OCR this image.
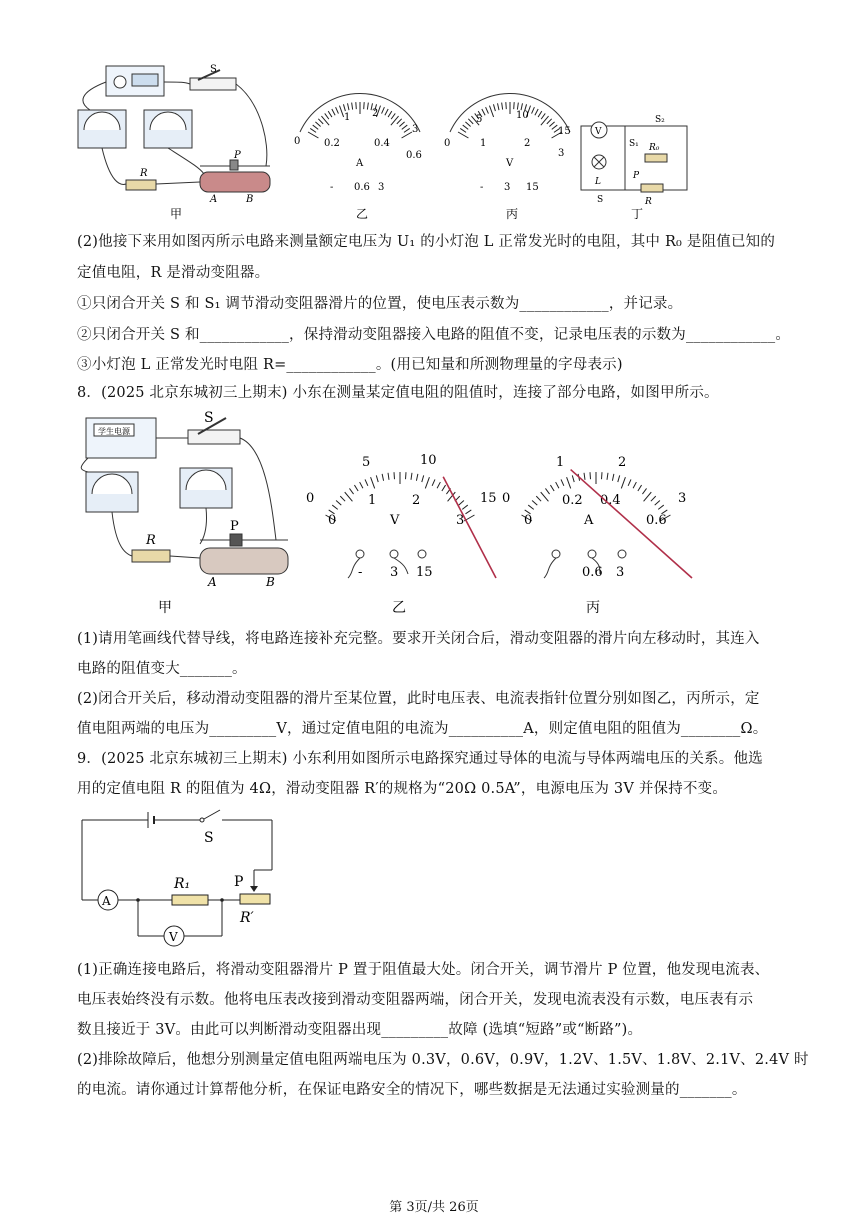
S
R
P
A	B
1 2
3
0 0.2	0.4
0.6
A
- 0.6 3
乙
5	10
15
0	1	2
3
V
- 3 15
丙
V
L
R₀
S₁
S₂
R
P
S
丁
甲
(2)他接下来用如图丙所示电路来测量额定电压为 U₁ 的小灯泡 L 正常发光时的电阻，其中 R₀ 是阻值已知的
定值电阻，R 是滑动变阻器。
①只闭合开关 S 和 S₁ 调节滑动变阻器滑片的位置，使电压表示数为____________，并记录。
②只闭合开关 S 和____________，保持滑动变阻器接入电路的阻值不变，记录电压表的示数为____________。
③小灯泡 L 正常发光时电阻 R=____________。(用已知量和所测物理量的字母表示)
8．(2025 北京东城初三上期末) 小东在测量某定值电阻的阻值时，连接了部分电路，如图甲所示。
学生电源
S
R
P
A	B
甲
0
5	10
15
0
1	2
3
V
- 3 15
乙
0
1	2
3
0
0.2 0.4
0.6
A
0.6 3
丙
(1)请用笔画线代替导线，将电路连接补充完整。要求开关闭合后，滑动变阻器的滑片向左移动时，其连入
电路的阻值变大_______。
(2)闭合开关后，移动滑动变阻器的滑片至某位置，此时电压表、电流表指针位置分别如图乙，丙所示，定
值电阻两端的电压为_________V，通过定值电阻的电流为__________A，则定值电阻的阻值为________Ω。
9．(2025 北京东城初三上期末) 小东利用如图所示电路探究通过导体的电流与导体两端电压的关系。他选
用的定值电阻 R 的阻值为 4Ω，滑动变阻器 R′的规格为“20Ω 0.5A”，电源电压为 3V 并保持不变。
S
P
R′
A
R₁
V
(1)正确连接电路后，将滑动变阻器滑片 P 置于阻值最大处。闭合开关，调节滑片 P 位置，他发现电流表、
电压表始终没有示数。他将电压表改接到滑动变阻器两端，闭合开关，发现电流表没有示数，电压表有示
数且接近于 3V。由此可以判断滑动变阻器出现_________故障 (选填“短路”或“断路”)。
(2)排除故障后，他想分别测量定值电阻两端电压为 0.3V，0.6V，0.9V，1.2V、1.5V、1.8V、2.1V、2.4V 时
的电流。请你通过计算帮他分析，在保证电路安全的情况下，哪些数据是无法通过实验测量的_______。
第 3页/共 26页
